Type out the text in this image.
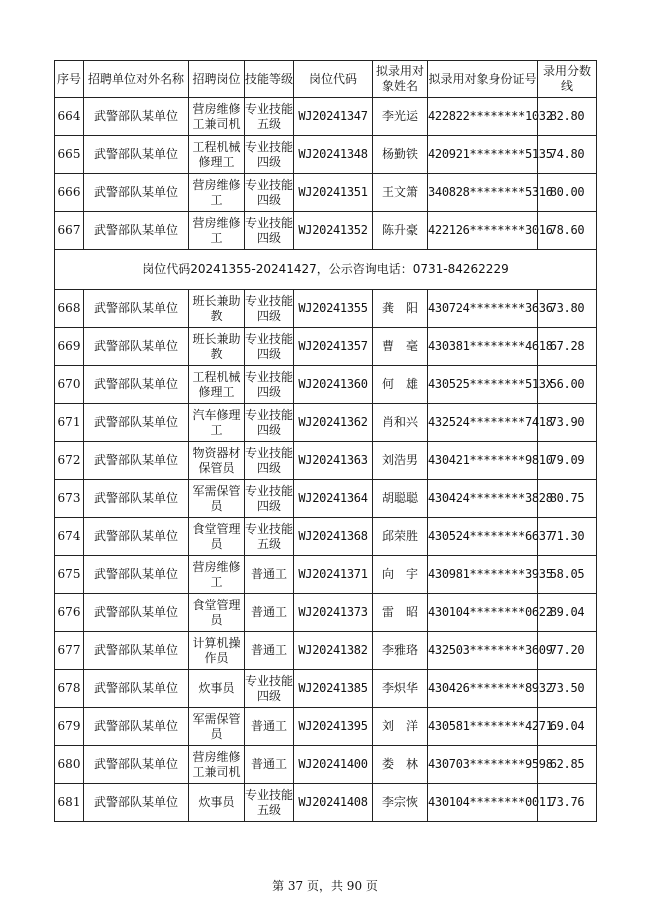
序号	招聘单位对外名称	招聘岗位	技能等级	岗位代码	拟录用对象姓名	拟录用对象身份证号	录用分数线
664	武警部队某单位	营房维修工兼司机	专业技能五级	WJ20241347	李光运	422822********1032	82.80
665	武警部队某单位	工程机械修理工	专业技能四级	WJ20241348	杨勤铁	420921********5135	74.80
666	武警部队某单位	营房维修工	专业技能四级	WJ20241351	王文箫	340828********5316	80.00
667	武警部队某单位	营房维修工	专业技能四级	WJ20241352	陈升豪	422126********3016	78.60
岗位代码20241355-20241427，公示咨询电话：0731-84262229							
668	武警部队某单位	班长兼助教	专业技能四级	WJ20241355	龚　阳	430724********3636	73.80
669	武警部队某单位	班长兼助教	专业技能四级	WJ20241357	曹　毫	430381********4618	67.28
670	武警部队某单位	工程机械修理工	专业技能四级	WJ20241360	何　雄	430525********513X	56.00
671	武警部队某单位	汽车修理工	专业技能四级	WJ20241362	肖和兴	432524********7418	73.90
672	武警部队某单位	物资器材保管员	专业技能四级	WJ20241363	刘浩男	430421********9810	79.09
673	武警部队某单位	军需保管员	专业技能四级	WJ20241364	胡聪聪	430424********3828	80.75
674	武警部队某单位	食堂管理员	专业技能五级	WJ20241368	邱荣胜	430524********6637	71.30
675	武警部队某单位	营房维修工	普通工	WJ20241371	向　宇	430981********3935	58.05
676	武警部队某单位	食堂管理员	普通工	WJ20241373	雷　昭	430104********0622	89.04
677	武警部队某单位	计算机操作员	普通工	WJ20241382	李雅珞	432503********3609	77.20
678	武警部队某单位	炊事员	专业技能四级	WJ20241385	李炽华	430426********8932	73.50
679	武警部队某单位	军需保管员	普通工	WJ20241395	刘　洋	430581********4271	69.04
680	武警部队某单位	营房维修工兼司机	普通工	WJ20241400	娄　林	430703********9598	62.85
681	武警部队某单位	炊事员	专业技能五级	WJ20241408	李宗恢	430104********0011	73.76
第 37 页，共 90 页
